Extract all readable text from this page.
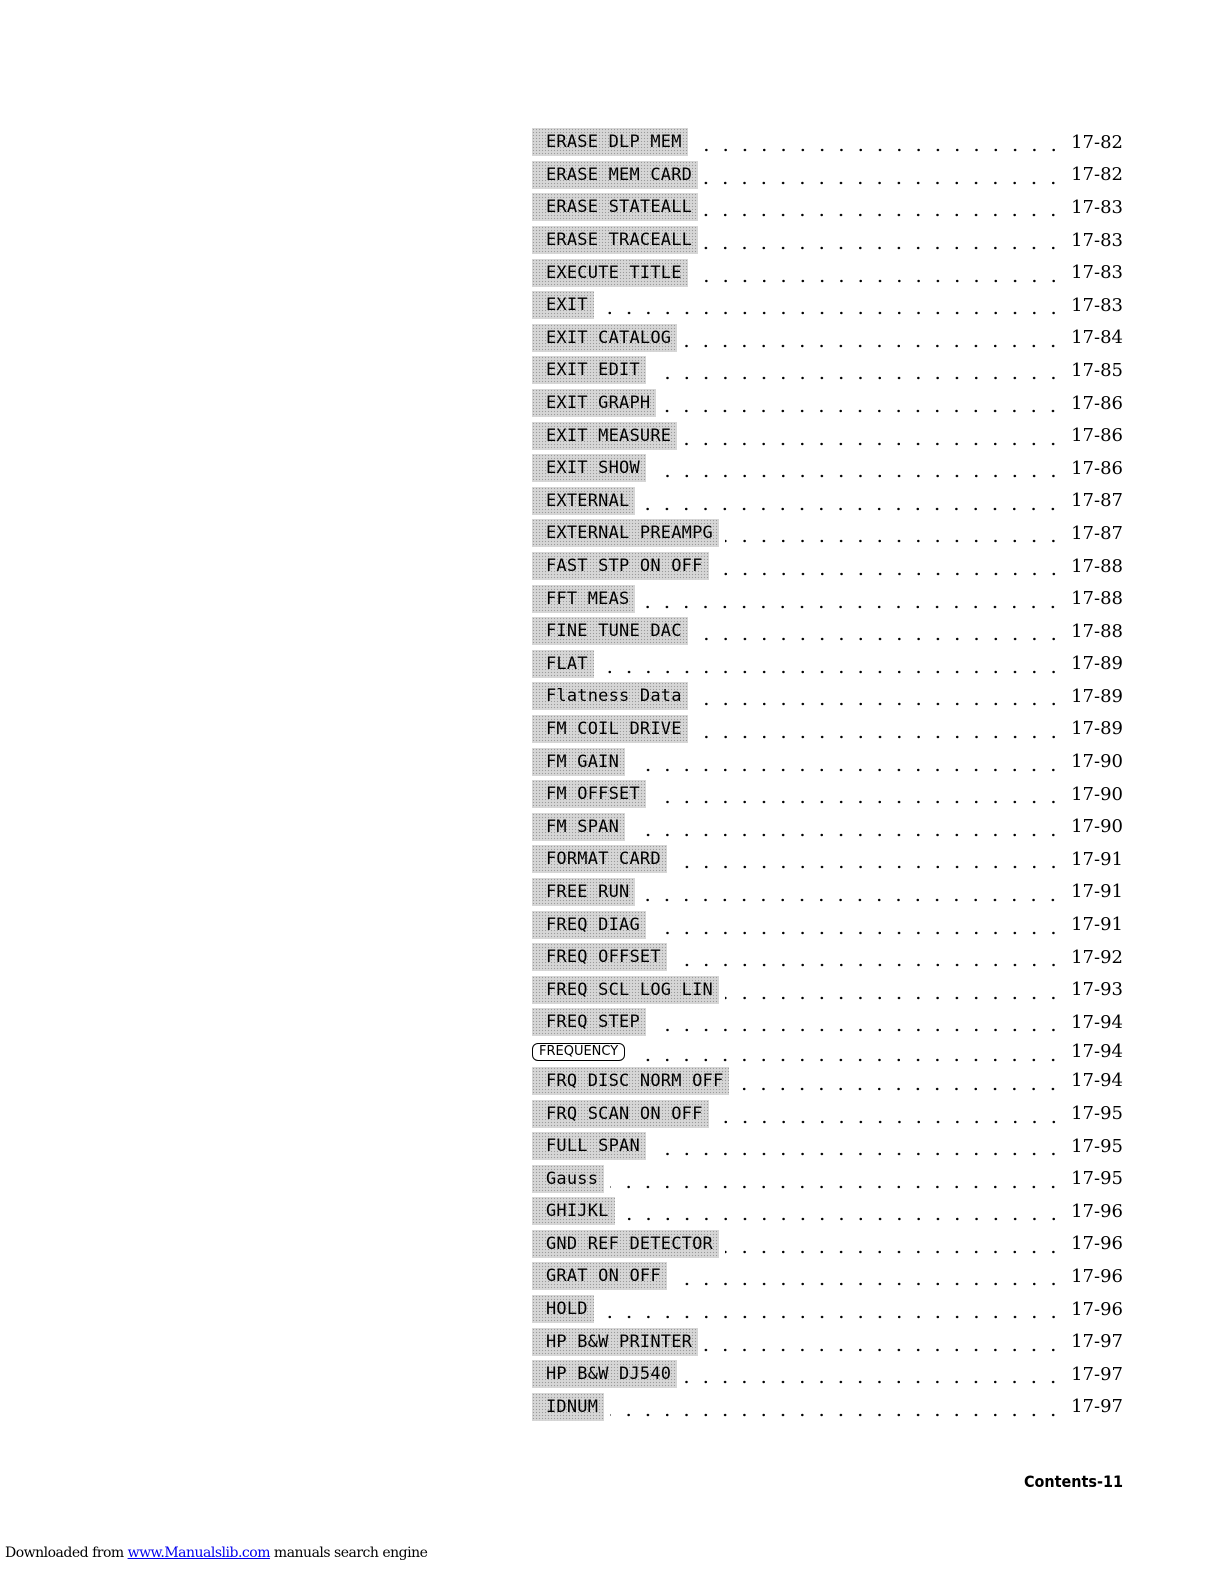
ERASE DLP MEM	17-82
ERASE MEM CARD	17-82
ERASE STATEALL	17-83
ERASE TRACEALL	17-83
EXECUTE TITLE	17-83
EXIT	17-83
EXIT CATALOG	17-84
EXIT EDIT	17-85
EXIT GRAPH	17-86
EXIT MEASURE	17-86
EXIT SHOW	17-86
EXTERNAL	17-87
EXTERNAL PREAMPG	17-87
FAST STP ON OFF	17-88
FFT MEAS	17-88
FINE TUNE DAC	17-88
FLAT	17-89
Flatness Data	17-89
FM COIL DRIVE	17-89
FM GAIN	17-90
FM OFFSET	17-90
FM SPAN	17-90
FORMAT CARD	17-91
FREE RUN	17-91
FREQ DIAG	17-91
FREQ OFFSET	17-92
FREQ SCL LOG LIN	17-93
FREQ STEP	17-94
FREQUENCY	17-94
FRQ DISC NORM OFF	17-94
FRQ SCAN ON OFF	17-95
FULL SPAN	17-95
Gauss	17-95
GHIJKL	17-96
GND REF DETECTOR	17-96
GRAT ON OFF	17-96
HOLD	17-96
HP B&W PRINTER	17-97
HP B&W DJ540	17-97
IDNUM	17-97
Contents-11
Downloaded from www.Manualslib.com manuals search engine
